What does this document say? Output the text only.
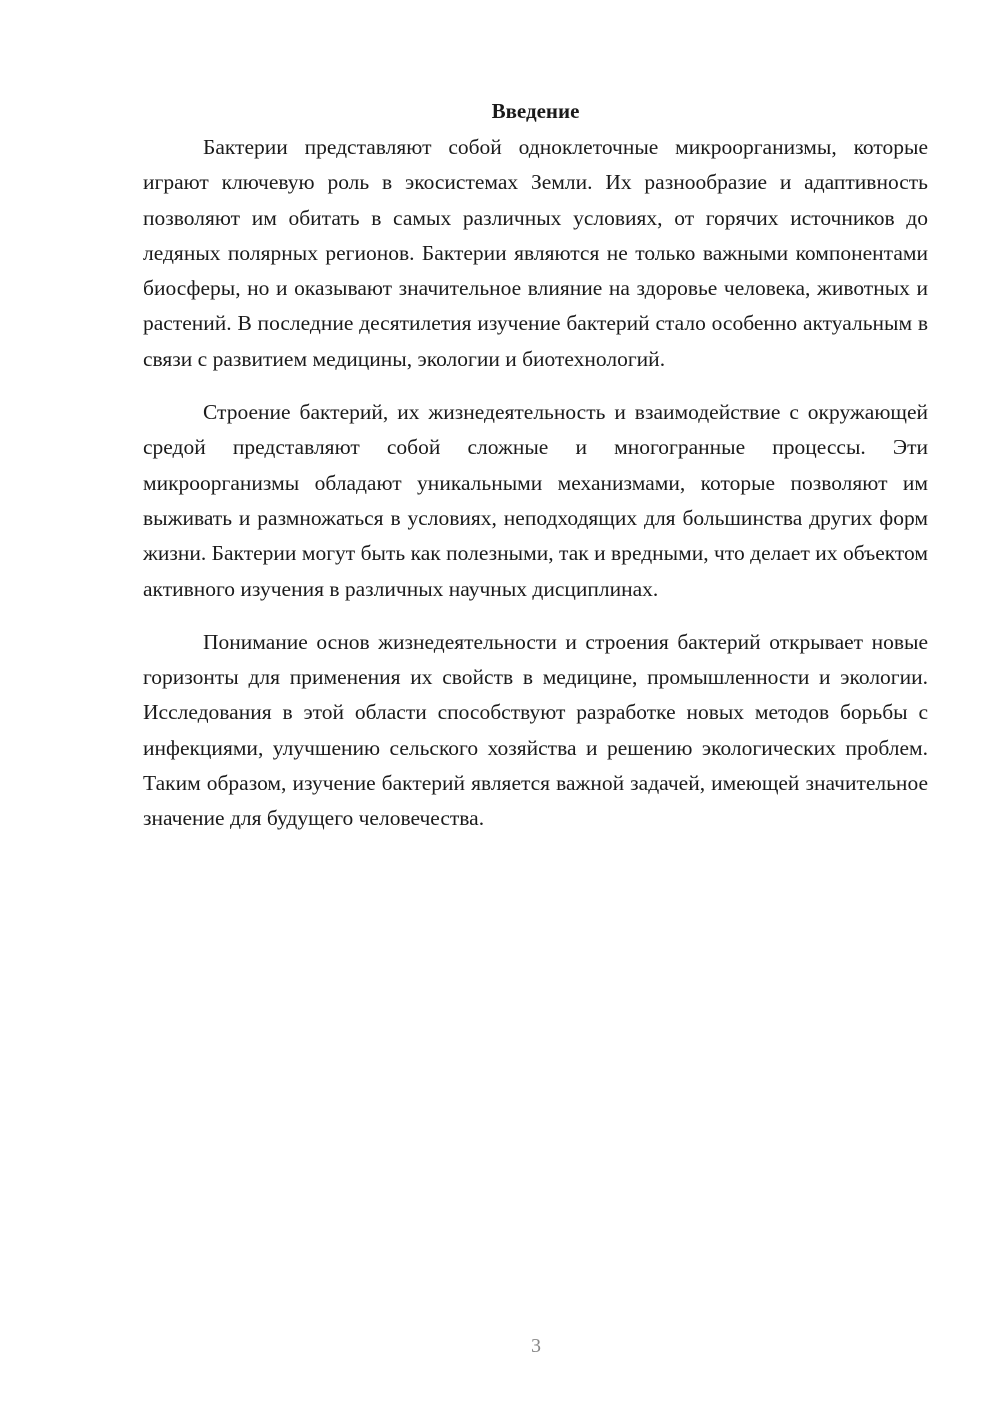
Введение

Бактерии представляют собой одноклеточные микроорганизмы, которые играют ключевую роль в экосистемах Земли. Их разнообразие и адаптивность позволяют им обитать в самых различных условиях, от горячих источников до ледяных полярных регионов. Бактерии являются не только важными компонентами биосферы, но и оказывают значительное влияние на здоровье человека, животных и растений. В последние десятилетия изучение бактерий стало особенно актуальным в связи с развитием медицины, экологии и биотехнологий.

Строение бактерий, их жизнедеятельность и взаимодействие с окружающей средой представляют собой сложные и многогранные процессы. Эти микроорганизмы обладают уникальными механизмами, которые позволяют им выживать и размножаться в условиях, неподходящих для большинства других форм жизни. Бактерии могут быть как полезными, так и вредными, что делает их объектом активного изучения в различных научных дисциплинах.

Понимание основ жизнедеятельности и строения бактерий открывает новые горизонты для применения их свойств в медицине, промышленности и экологии. Исследования в этой области способствуют разработке новых методов борьбы с инфекциями, улучшению сельского хозяйства и решению экологических проблем. Таким образом, изучение бактерий является важной задачей, имеющей значительное значение для будущего человечества.

3
